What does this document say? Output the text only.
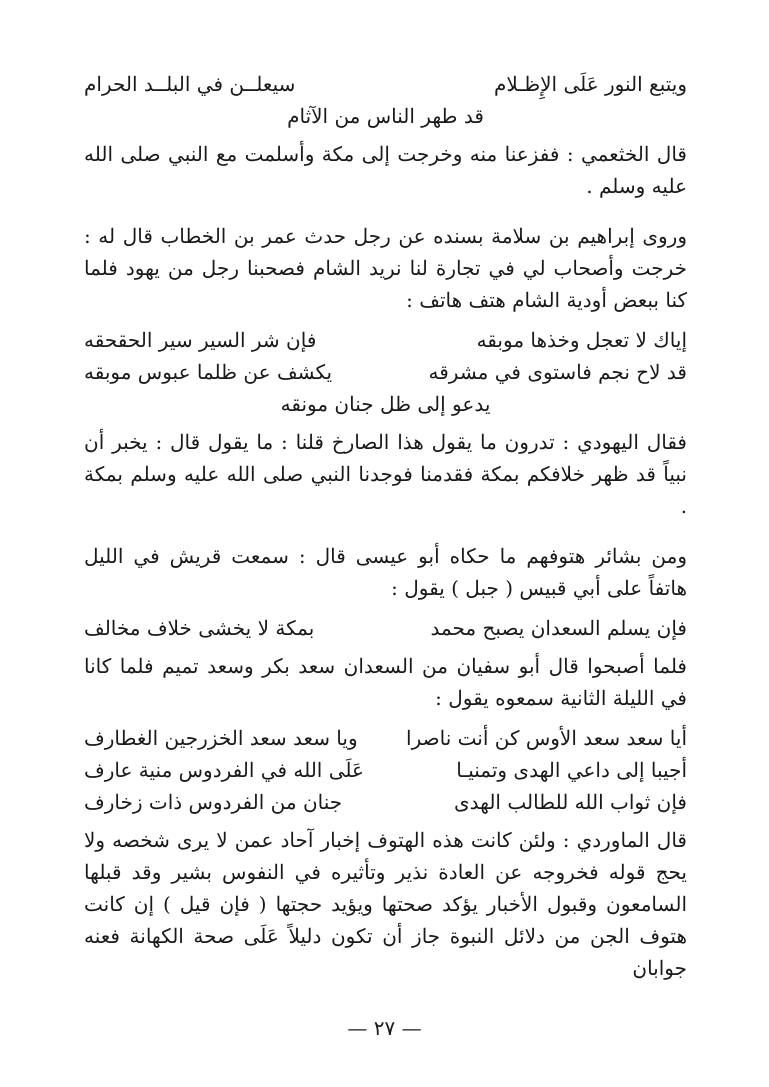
ويتبع النور عَلَى الإِظـلام
سيعلــن في البلــد الحرام
قد طهر الناس من الآثام

قال الخثعمي : ففزعنا منه وخرجت إلى مكة وأسلمت مع النبي صلى الله عليه وسلم .

وروى إبراهيم بن سلامة بسنده عن رجل حدث عمر بن الخطاب قال له : خرجت وأصحاب لي في تجارة لنا نريد الشام فصحبنا رجل من يهود فلما كنا ببعض أودية الشام هتف هاتف :

إياك لا تعجل وخذها موبقه
فإن شر السير سير الحقحقه
قد لاح نجم فاستوى في مشرقه
يكشف عن ظلما عبوس موبقه
يدعو إلى ظل جنان مونقه

فقال اليهودي : تدرون ما يقول هذا الصارخ قلنا : ما يقول قال : يخبر أن نبياً قد ظهر خلافكم بمكة فقدمنا فوجدنا النبي صلى الله عليه وسلم بمكة .

ومن بشائر هتوفهم ما حكاه أبو عيسى قال : سمعت قريش في الليل هاتفاً على أبي قبيس ( جبل ) يقول :

فإن يسلم السعدان يصبح محمد
بمكة لا يخشى خلاف مخالف

فلما أصبحوا قال أبو سفيان من السعدان سعد بكر وسعد تميم فلما كانا في الليلة الثانية سمعوه يقول :

أيا سعد سعد الأوس كن أنت ناصرا
ويا سعد سعد الخزرجين الغطارف
أجيبا إلى داعي الهدى وتمنيـا
عَلَى الله في الفردوس منية عارف
فإن ثواب الله للطالب الهدى
جنان من الفردوس ذات زخارف

قال الماوردي : ولئن كانت هذه الهتوف إخبار آحاد عمن لا يرى شخصه ولا يحج قوله فخروجه عن العادة نذير وتأثيره في النفوس بشير وقد قبلها السامعون وقبول الأخبار يؤكد صحتها ويؤيد حجتها ( فإن قيل ) إن كانت هتوف الجن من دلائل النبوة جاز أن تكون دليلاً عَلَى صحة الكهانة فعنه جوابان

— ٢٧ —
